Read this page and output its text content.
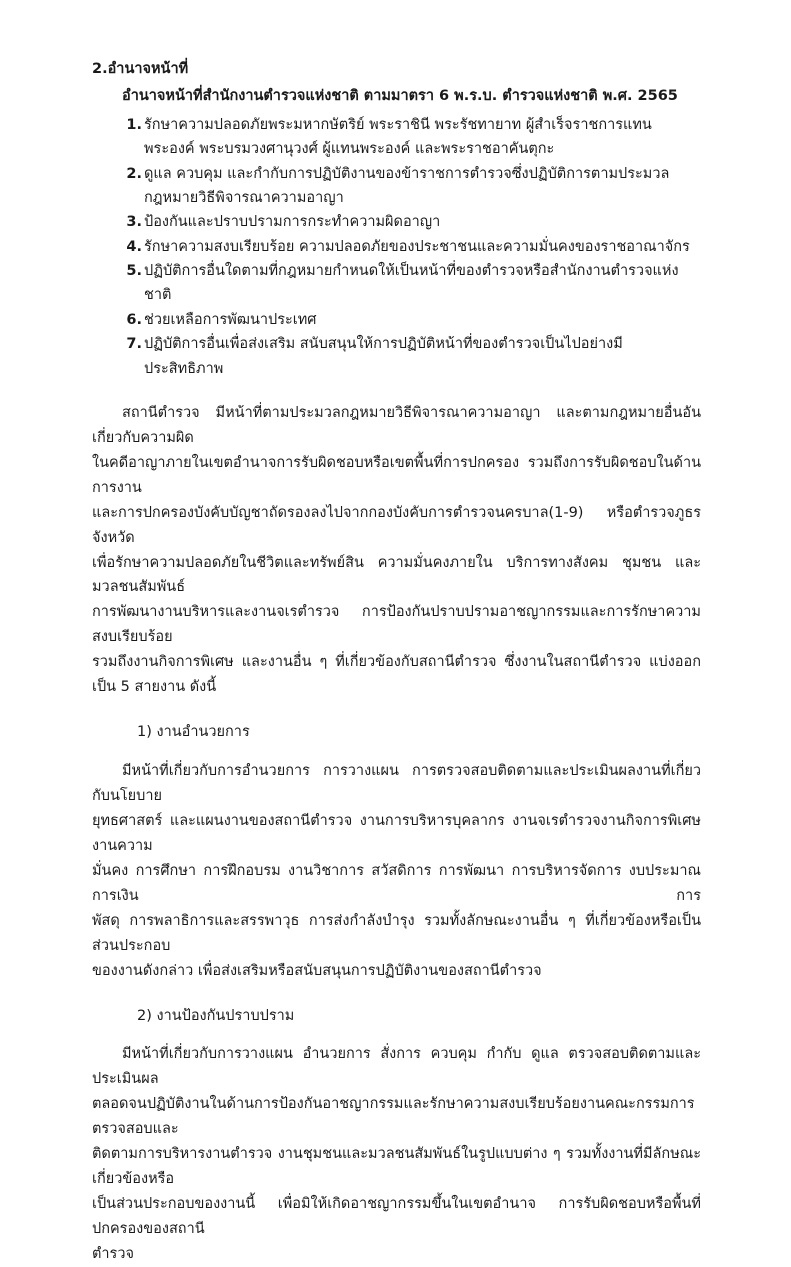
2.อำนาจหน้าที่
อำนาจหน้าที่สำนักงานตำรวจแห่งชาติ ตามมาตรา 6 พ.ร.บ. ตำรวจแห่งชาติ พ.ศ. 2565
1. รักษาความปลอดภัยพระมหากษัตริย์ พระราชินี พระรัชทายาท ผู้สำเร็จราชการแทนพระองค์ พระบรมวงศานุวงศ์ ผู้แทนพระองค์ และพระราชอาคันตุกะ
2. ดูแล ควบคุม และกำกับการปฏิบัติงานของข้าราชการตำรวจซึ่งปฏิบัติการตามประมวลกฎหมายวิธีพิจารณาความอาญา
3. ป้องกันและปราบปรามการกระทำความผิดอาญา
4. รักษาความสงบเรียบร้อย ความปลอดภัยของประชาชนและความมั่นคงของราชอาณาจักร
5. ปฏิบัติการอื่นใดตามที่กฎหมายกำหนดให้เป็นหน้าที่ของตำรวจหรือสำนักงานตำรวจแห่งชาติ
6. ช่วยเหลือการพัฒนาประเทศ
7. ปฏิบัติการอื่นเพื่อส่งเสริม สนับสนุนให้การปฏิบัติหน้าที่ของตำรวจเป็นไปอย่างมีประสิทธิภาพ
สถานีตำรวจ มีหน้าที่ตามประมวลกฎหมายวิธีพิจารณาความอาญา และตามกฎหมายอื่นอันเกี่ยวกับความผิด
ในคดีอาญาภายในเขตอำนาจการรับผิดชอบหรือเขตพื้นที่การปกครอง รวมถึงการรับผิดชอบในด้านการงาน
และการปกครองบังคับบัญชาถัดรองลงไปจากกองบังคับการตำรวจนครบาล(1-9) หรือตำรวจภูธรจังหวัด
เพื่อรักษาความปลอดภัยในชีวิตและทรัพย์สิน ความมั่นคงภายใน บริการทางสังคม ชุมชน และมวลชนสัมพันธ์
การพัฒนางานบริหารและงานจเรตำรวจ การป้องกันปราบปรามอาชญากรรมและการรักษาความสงบเรียบร้อย
รวมถึงงานกิจการพิเศษ และงานอื่น ๆ ที่เกี่ยวข้องกับสถานีตำรวจ ซึ่งงานในสถานีตำรวจ แบ่งออกเป็น 5 สายงาน ดังนี้
1) งานอำนวยการ
มีหน้าที่เกี่ยวกับการอำนวยการ การวางแผน การตรวจสอบติดตามและประเมินผลงานที่เกี่ยวกับนโยบาย
ยุทธศาสตร์ และแผนงานของสถานีตำรวจ งานการบริหารบุคลากร งานจเรตำรวจงานกิจการพิเศษ งานความ
มั่นคง การศึกษา การฝึกอบรม งานวิชาการ สวัสดิการ การพัฒนา การบริหารจัดการ งบประมาณ การเงิน การ
พัสดุ การพลาธิการและสรรพาวุธ การส่งกำลังบำรุง รวมทั้งลักษณะงานอื่น ๆ ที่เกี่ยวข้องหรือเป็นส่วนประกอบ
ของงานดังกล่าว เพื่อส่งเสริมหรือสนับสนุนการปฏิบัติงานของสถานีตำรวจ
2) งานป้องกันปราบปราม
มีหน้าที่เกี่ยวกับการวางแผน อำนวยการ สั่งการ ควบคุม กำกับ ดูแล ตรวจสอบติดตามและประเมินผล
ตลอดจนปฏิบัติงานในด้านการป้องกันอาชญากรรมและรักษาความสงบเรียบร้อยงานคณะกรรมการตรวจสอบและ
ติดตามการบริหารงานตำรวจ งานชุมชนและมวลชนสัมพันธ์ในรูปแบบต่าง ๆ รวมทั้งงานที่มีลักษณะเกี่ยวข้องหรือ
เป็นส่วนประกอบของงานนี้ เพื่อมิให้เกิดอาชญากรรมขึ้นในเขตอำนาจ การรับผิดชอบหรือพื้นที่ปกครองของสถานี
ตำรวจ
